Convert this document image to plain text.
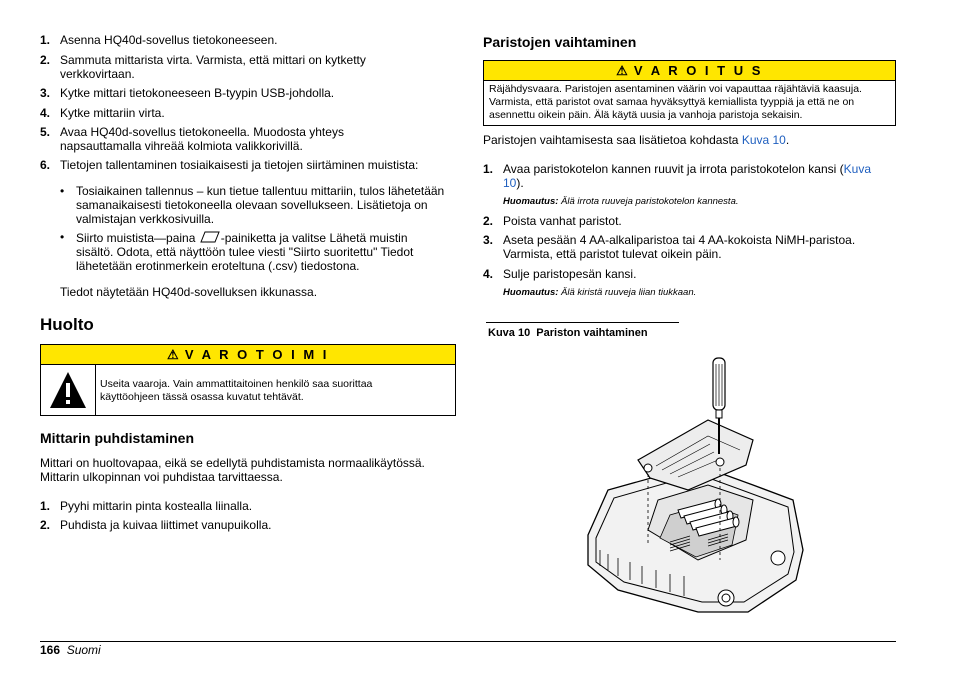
1. Asenna HQ40d-sovellus tietokoneeseen.
2. Sammuta mittarista virta. Varmista, että mittari on kytketty verkkovirtaan.
3. Kytke mittari tietokoneeseen B-tyypin USB-johdolla.
4. Kytke mittariin virta.
5. Avaa HQ40d-sovellus tietokoneella. Muodosta yhteys napsauttamalla vihreää kolmiota valikkorivillä.
6. Tietojen tallentaminen tosiaikaisesti ja tietojen siirtäminen muistista:
• Tosiaikainen tallennus – kun tietue tallentuu mittariin, tulos lähetetään samanaikaisesti tietokoneella olevaan sovellukseen. Lisätietoja on valmistajan verkkosivuilla.
• Siirto muistista—paina -painiketta ja valitse Lähetä muistin sisältö. Odota, että näyttöön tulee viesti "Siirto suoritettu" Tiedot lähetetään erotinmerkein eroteltuna (.csv) tiedostona.
Tiedot näytetään HQ40d-sovelluksen ikkunassa.
Huolto
⚠ V A R O T O I M I
Useita vaaroja. Vain ammattitaitoinen henkilö saa suorittaa käyttöohjeen tässä osassa kuvatut tehtävät.
Mittarin puhdistaminen
Mittari on huoltovapaa, eikä se edellytä puhdistamista normaalikäytössä. Mittarin ulkopinnan voi puhdistaa tarvittaessa.
1. Pyyhi mittarin pinta kostealla liinalla.
2. Puhdista ja kuivaa liittimet vanupuikolla.
Paristojen vaihtaminen
⚠ V A R O I T U S
Räjähdysvaara. Paristojen asentaminen väärin voi vapauttaa räjähtäviä kaasuja. Varmista, että paristot ovat samaa hyväksyttyä kemiallista tyyppiä ja että ne on asennettu oikein päin. Älä käytä uusia ja vanhoja paristoja sekaisin.
Paristojen vaihtamisesta saa lisätietoa kohdasta Kuva 10.
1. Avaa paristokotelon kannen ruuvit ja irrota paristokotelon kansi (Kuva 10).
Huomautus: Älä irrota ruuveja paristokotelon kannesta.
2. Poista vanhat paristot.
3. Aseta pesään 4 AA-alkaliparistoa tai 4 AA-kokoista NiMH-paristoa. Varmista, että paristot tulevat oikein päin.
4. Sulje paristopesän kansi.
Huomautus: Älä kiristä ruuveja liian tiukkaan.
Kuva 10  Pariston vaihtaminen
166 Suomi
